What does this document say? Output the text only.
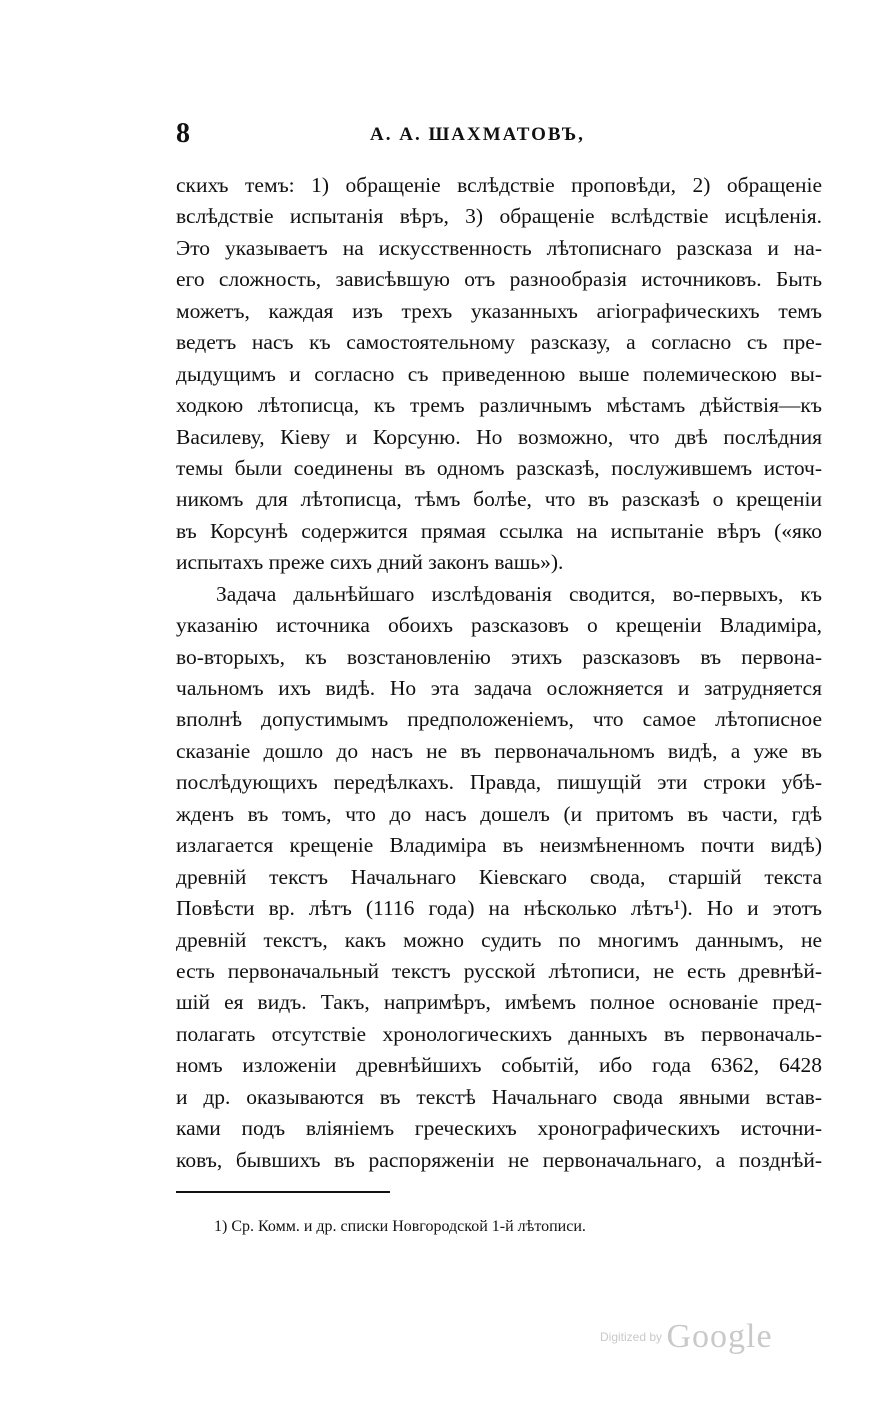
8	А. А. ШАХМАТОВЪ,
скихъ темъ: 1) обращеніе вслѣдствіе проповѣди, 2) обращеніе
вслѣдствіе испытанія вѣръ, 3) обращеніе вслѣдствіе исцѣленія.
Это указываетъ на искусственность лѣтописнаго разсказа и на-
его сложность, зависѣвшую отъ разнообразія источниковъ. Быть
можетъ, каждая изъ трехъ указанныхъ агіографическихъ темъ
ведетъ насъ къ самостоятельному разсказу, а согласно съ пре-
дыдущимъ и согласно съ приведенною выше полемическою вы-
ходкою лѣтописца, къ тремъ различнымъ мѣстамъ дѣйствія—къ
Василеву, Кіеву и Корсуню. Но возможно, что двѣ послѣдния
темы были соединены въ одномъ разсказѣ, послужившемъ источ-
никомъ для лѣтописца, тѣмъ болѣе, что въ разсказѣ о крещеніи
въ Корсунѣ содержится прямая ссылка на испытаніе вѣръ («яко
испытахъ преже сихъ дний законъ вашь»).
Задача дальнѣйшаго изслѣдованія сводится, во-первыхъ, къ
указанію источника обоихъ разсказовъ о крещеніи Владиміра,
во-вторыхъ, къ возстановленію этихъ разсказовъ въ первона-
чальномъ ихъ видѣ. Но эта задача осложняется и затрудняется
вполнѣ допустимымъ предположеніемъ, что самое лѣтописное
сказаніе дошло до насъ не въ первоначальномъ видѣ, а уже въ
послѣдующихъ передѣлкахъ. Правда, пишущій эти строки убѣ-
жденъ въ томъ, что до насъ дошелъ (и притомъ въ части, гдѣ
излагается крещеніе Владиміра въ неизмѣненномъ почти видѣ)
древній текстъ Начальнаго Кіевскаго свода, старшій текста
Повѣсти вр. лѣтъ (1116 года) на нѣсколько лѣтъ¹). Но и этотъ
древній текстъ, какъ можно судить по многимъ даннымъ, не
есть первоначальный текстъ русской лѣтописи, не есть древнѣй-
шій ея видъ. Такъ, напримѣръ, имѣемъ полное основаніе пред-
полагать отсутствіе хронологическихъ данныхъ въ первоначаль-
номъ изложеніи древнѣйшихъ событій, ибо года 6362, 6428
и др. оказываются въ текстѣ Начальнаго свода явными встав-
ками подъ вліяніемъ греческихъ хронографическихъ источни-
ковъ, бывшихъ въ распоряженіи не первоначальнаго, а позднѣй-
1) Ср. Комм. и др. списки Новгородской 1-й лѣтописи.
Digitized by Google
